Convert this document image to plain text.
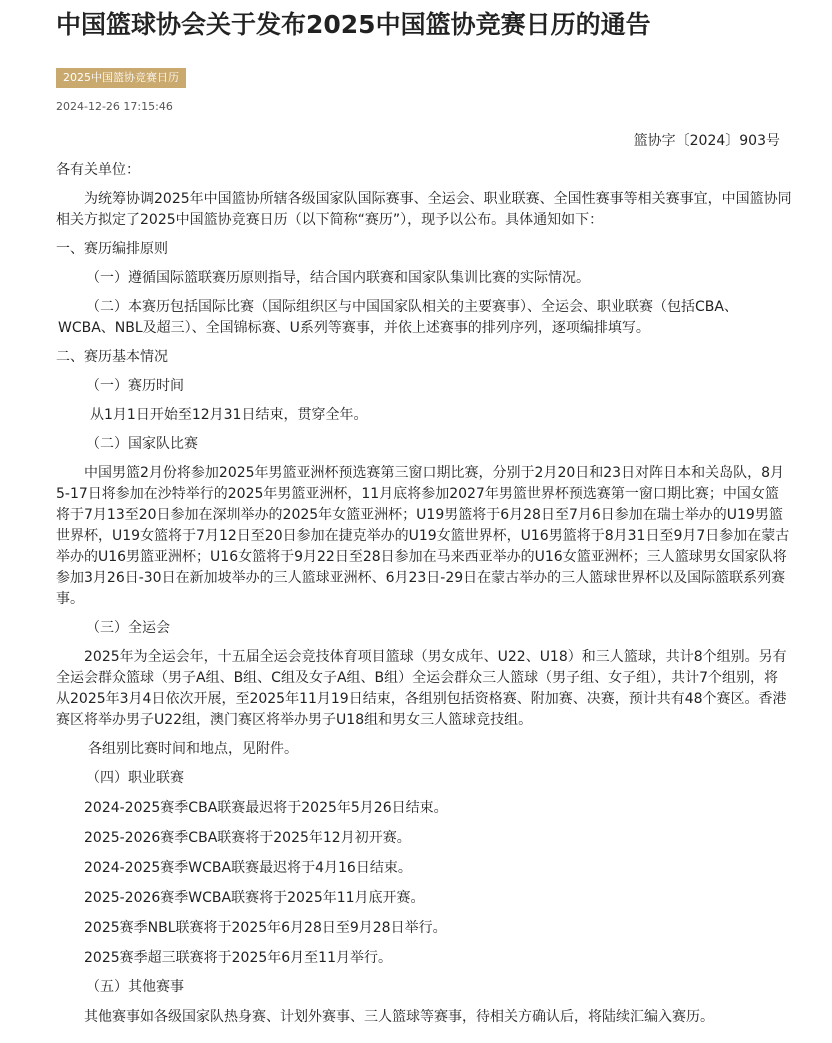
中国篮球协会关于发布2025中国篮协竞赛日历的通告
2025中国篮协竞赛日历
2024-12-26 17:15:46
篮协字〔2024〕903号

各有关单位：

为统筹协调2025年中国篮协所辖各级国家队国际赛事、全运会、职业联赛、全国性赛事等相关赛事宜，中国篮协同相关方拟定了2025中国篮协竞赛日历（以下简称“赛历”），现予以公布。具体通知如下：

一、赛历编排原则

（一）遵循国际篮联赛历原则指导，结合国内联赛和国家队集训比赛的实际情况。

（二）本赛历包括国际比赛（国际组织区与中国国家队相关的主要赛事）、全运会、职业联赛（包括CBA、WCBA、NBL及超三）、全国锦标赛、U系列等赛事，并依上述赛事的排列序列，逐项编排填写。

二、赛历基本情况

（一）赛历时间

从1月1日开始至12月31日结束，贯穿全年。

（二）国家队比赛

中国男篮2月份将参加2025年男篮亚洲杯预选赛第三窗口期比赛，分别于2月20日和23日对阵日本和关岛队，8月5-17日将参加在沙特举行的2025年男篮亚洲杯，11月底将参加2027年男篮世界杯预选赛第一窗口期比赛；中国女篮将于7月13至20日参加在深圳举办的2025年女篮亚洲杯；U19男篮将于6月28日至7月6日参加在瑞士举办的U19男篮世界杯，U19女篮将于7月12日至20日参加在捷克举办的U19女篮世界杯，U16男篮将于8月31日至9月7日参加在蒙古举办的U16男篮亚洲杯；U16女篮将于9月22日至28日参加在马来西亚举办的U16女篮亚洲杯；三人篮球男女国家队将参加3月26日-30日在新加坡举办的三人篮球亚洲杯、6月23日-29日在蒙古举办的三人篮球世界杯以及国际篮联系列赛事。

（三）全运会

2025年为全运会年，十五届全运会竞技体育项目篮球（男女成年、U22、U18）和三人篮球，共计8个组别。另有全运会群众篮球（男子A组、B组、C组及女子A组、B组）全运会群众三人篮球（男子组、女子组），共计7个组别，将从2025年3月4日依次开展，至2025年11月19日结束，各组别包括资格赛、附加赛、决赛，预计共有48个赛区。香港赛区将举办男子U22组，澳门赛区将举办男子U18组和男女三人篮球竞技组。

各组别比赛时间和地点，见附件。

（四）职业联赛

2024-2025赛季CBA联赛最迟将于2025年5月26日结束。

2025-2026赛季CBA联赛将于2025年12月初开赛。

2024-2025赛季WCBA联赛最迟将于4月16日结束。

2025-2026赛季WCBA联赛将于2025年11月底开赛。

2025赛季NBL联赛将于2025年6月28日至9月28日举行。

2025赛季超三联赛将于2025年6月至11月举行。

（五）其他赛事

其他赛事如各级国家队热身赛、计划外赛事、三人篮球等赛事，待相关方确认后，将陆续汇编入赛历。
